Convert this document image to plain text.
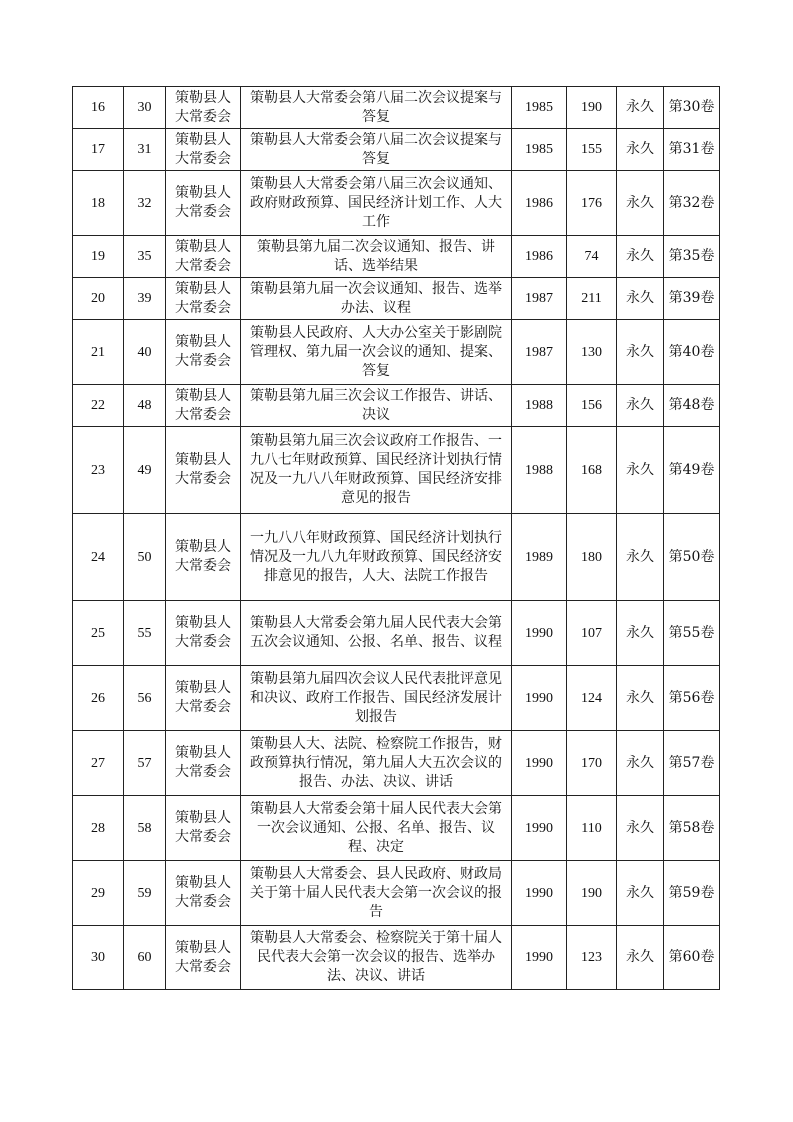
16	30	策勒县人大常委会	策勒县人大常委会第八届二次会议提案与答复	1985	190	永久	第30卷
17	31	策勒县人大常委会	策勒县人大常委会第八届二次会议提案与答复	1985	155	永久	第31卷
18	32	策勒县人大常委会	策勒县人大常委会第八届三次会议通知、政府财政预算、国民经济计划工作、人大工作	1986	176	永久	第32卷
19	35	策勒县人大常委会	策勒县第九届二次会议通知、报告、讲话、选举结果	1986	74	永久	第35卷
20	39	策勒县人大常委会	策勒县第九届一次会议通知、报告、选举办法、议程	1987	211	永久	第39卷
21	40	策勒县人大常委会	策勒县人民政府、人大办公室关于影剧院管理权、第九届一次会议的通知、提案、答复	1987	130	永久	第40卷
22	48	策勒县人大常委会	策勒县第九届三次会议工作报告、讲话、决议	1988	156	永久	第48卷
23	49	策勒县人大常委会	策勒县第九届三次会议政府工作报告、一九八七年财政预算、国民经济计划执行情况及一九八八年财政预算、国民经济安排意见的报告	1988	168	永久	第49卷
24	50	策勒县人大常委会	一九八八年财政预算、国民经济计划执行情况及一九八九年财政预算、国民经济安排意见的报告，人大、法院工作报告	1989	180	永久	第50卷
25	55	策勒县人大常委会	策勒县人大常委会第九届人民代表大会第五次会议通知、公报、名单、报告、议程	1990	107	永久	第55卷
26	56	策勒县人大常委会	策勒县第九届四次会议人民代表批评意见和决议、政府工作报告、国民经济发展计划报告	1990	124	永久	第56卷
27	57	策勒县人大常委会	策勒县人大、法院、检察院工作报告，财政预算执行情况，第九届人大五次会议的报告、办法、决议、讲话	1990	170	永久	第57卷
28	58	策勒县人大常委会	策勒县人大常委会第十届人民代表大会第一次会议通知、公报、名单、报告、议程、决定	1990	110	永久	第58卷
29	59	策勒县人大常委会	策勒县人大常委会、县人民政府、财政局关于第十届人民代表大会第一次会议的报告	1990	190	永久	第59卷
30	60	策勒县人大常委会	策勒县人大常委会、检察院关于第十届人民代表大会第一次会议的报告、选举办法、决议、讲话	1990	123	永久	第60卷
